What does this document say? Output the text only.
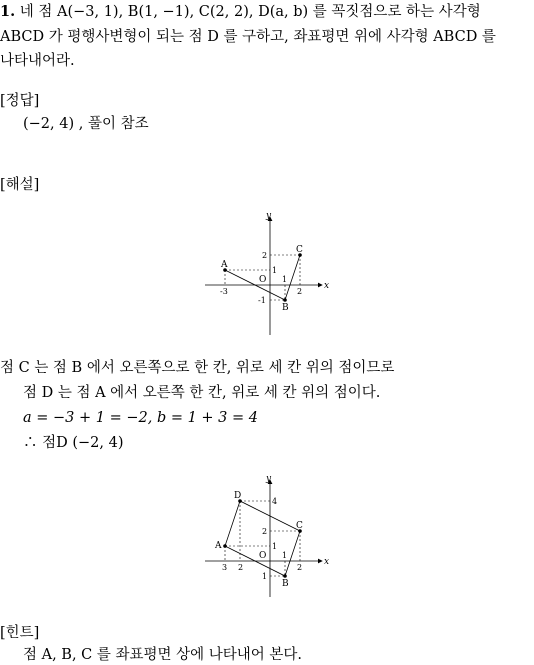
1. 네 점 A(−3, 1), B(1, −1), C(2, 2), D(a, b) 를 꼭짓점으로 하는 사각형
ABCD 가 평행사변형이 되는 점 D 를 구하고, 좌표평면 위에 사각형 ABCD 를
나타내어라.
[정답]
(−2, 4) , 풀이 참조
[해설]
x
y
O
A
B
C
-3
1
2
-1
1
2
점 C 는 점 B 에서 오른쪽으로 한 칸, 위로 세 칸 위의 점이므로
점 D 는 점 A 에서 오른쪽 한 칸, 위로 세 칸 위의 점이다.
a = −3 + 1 = −2, b = 1 + 3 = 4
∴ 점D (−2, 4)
x
y
O
A
B
C
D
3 2
1
2
1
1
2
4
[힌트]
점 A, B, C 를 좌표평면 상에 나타내어 본다.
